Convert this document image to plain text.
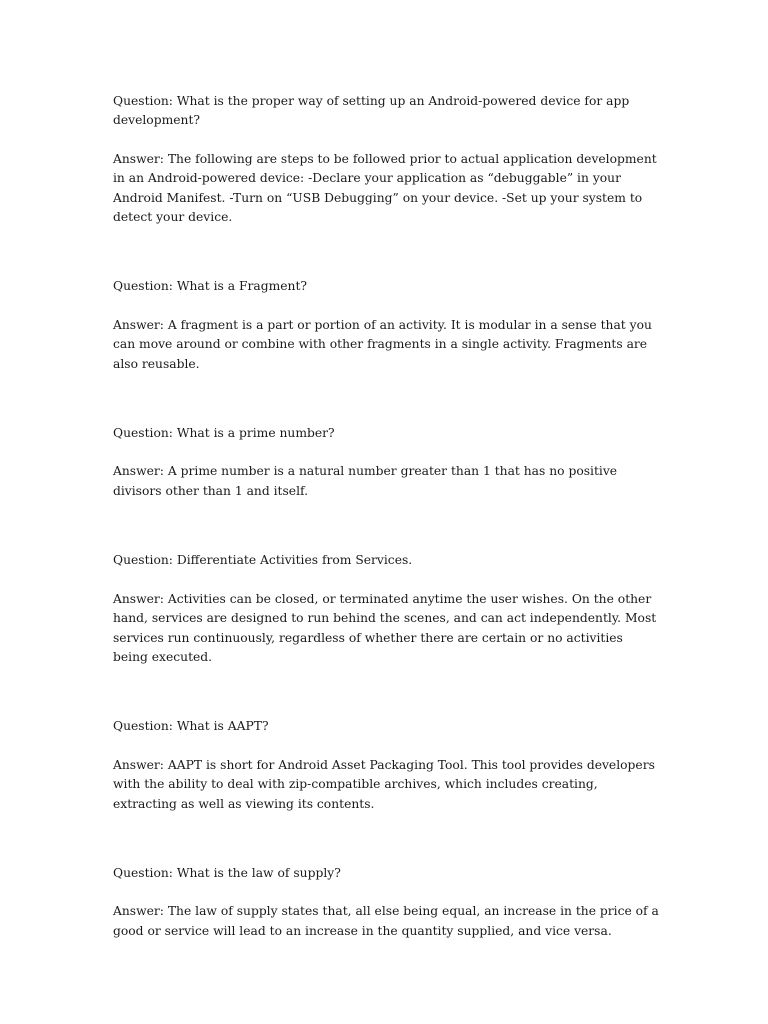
Question: What is the proper way of setting up an Android-powered device for app development?

Answer: The following are steps to be followed prior to actual application development in an Android-powered device: -Declare your application as “debuggable” in your Android Manifest. -Turn on “USB Debugging” on your device. -Set up your system to detect your device.

Question: What is a Fragment?

Answer: A fragment is a part or portion of an activity. It is modular in a sense that you can move around or combine with other fragments in a single activity. Fragments are also reusable.

Question: What is a prime number?

Answer: A prime number is a natural number greater than 1 that has no positive divisors other than 1 and itself.

Question: Differentiate Activities from Services.

Answer: Activities can be closed, or terminated anytime the user wishes. On the other hand, services are designed to run behind the scenes, and can act independently. Most services run continuously, regardless of whether there are certain or no activities being executed.

Question: What is AAPT?

Answer: AAPT is short for Android Asset Packaging Tool. This tool provides developers with the ability to deal with zip-compatible archives, which includes creating, extracting as well as viewing its contents.

Question: What is the law of supply?

Answer: The law of supply states that, all else being equal, an increase in the price of a good or service will lead to an increase in the quantity supplied, and vice versa.
